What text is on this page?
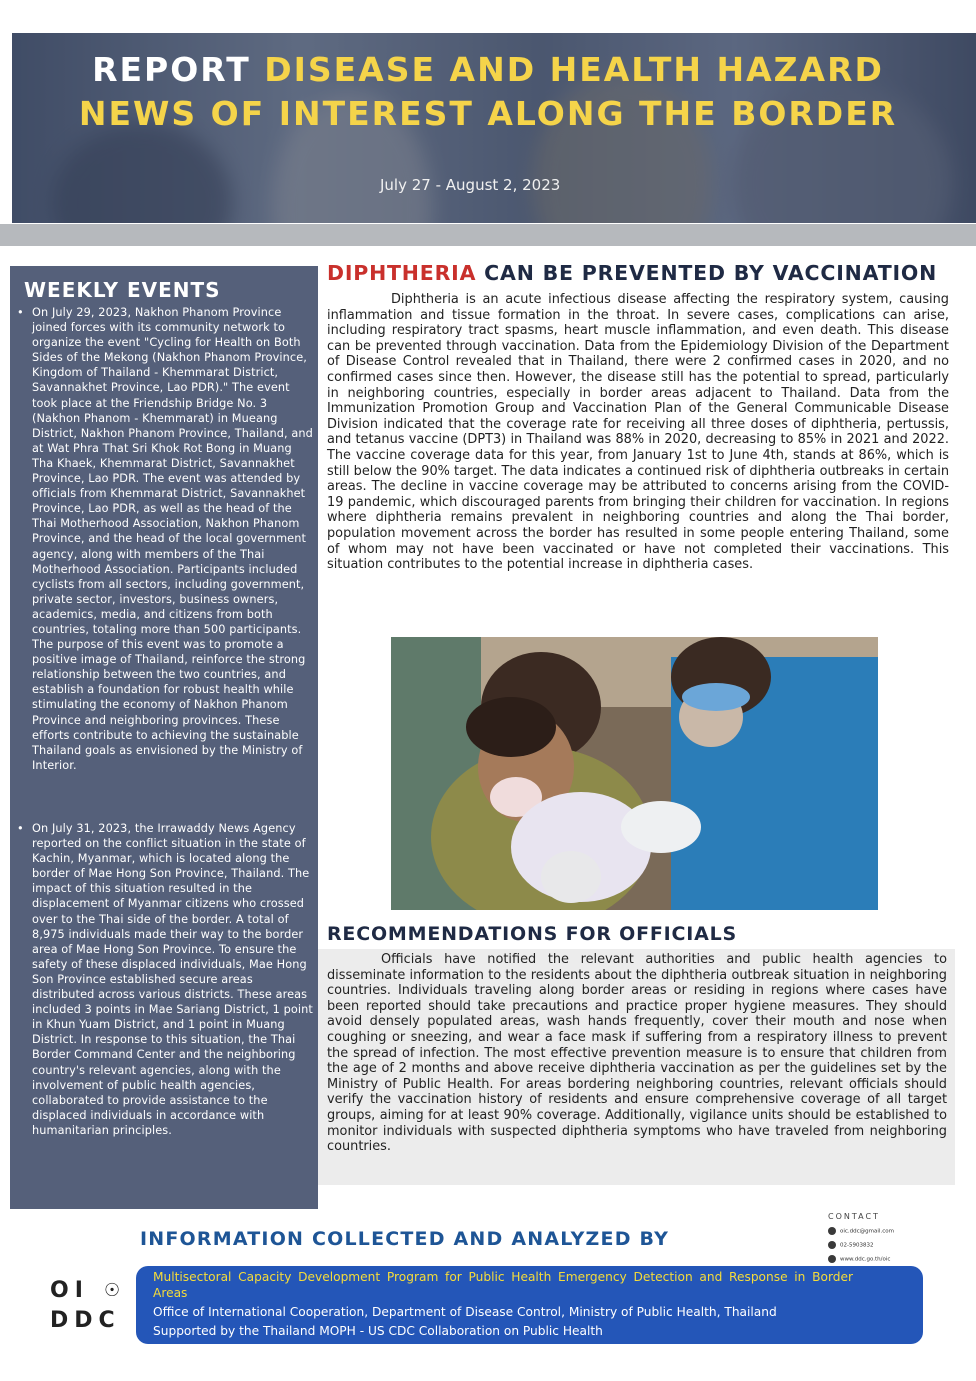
REPORT DISEASE AND HEALTH HAZARD
NEWS OF INTEREST ALONG THE BORDER
July 27 - August 2, 2023
WEEKLY EVENTS
• On July 29, 2023, Nakhon Phanom Province joined forces with its community network to organize the event "Cycling for Health on Both Sides of the Mekong (Nakhon Phanom Province, Kingdom of Thailand - Khemmarat District, Savannakhet Province, Lao PDR)." The event took place at the Friendship Bridge No. 3 (Nakhon Phanom - Khemmarat) in Mueang District, Nakhon Phanom Province, Thailand, and at Wat Phra That Sri Khok Rot Bong in Muang Tha Khaek, Khemmarat District, Savannakhet Province, Lao PDR. The event was attended by officials from Khemmarat District, Savannakhet Province, Lao PDR, as well as the head of the Thai Motherhood Association, Nakhon Phanom Province, and the head of the local government agency, along with members of the Thai Motherhood Association. Participants included cyclists from all sectors, including government, private sector, investors, business owners, academics, media, and citizens from both countries, totaling more than 500 participants. The purpose of this event was to promote a positive image of Thailand, reinforce the strong relationship between the two countries, and establish a foundation for robust health while stimulating the economy of Nakhon Phanom Province and neighboring provinces. These efforts contribute to achieving the sustainable Thailand goals as envisioned by the Ministry of Interior.
• On July 31, 2023, the Irrawaddy News Agency reported on the conflict situation in the state of Kachin, Myanmar, which is located along the border of Mae Hong Son Province, Thailand. The impact of this situation resulted in the displacement of Myanmar citizens who crossed over to the Thai side of the border. A total of 8,975 individuals made their way to the border area of Mae Hong Son Province. To ensure the safety of these displaced individuals, Mae Hong Son Province established secure areas distributed across various districts. These areas included 3 points in Mae Sariang District, 1 point in Khun Yuam District, and 1 point in Muang District. In response to this situation, the Thai Border Command Center and the neighboring country's relevant agencies, along with the involvement of public health agencies, collaborated to provide assistance to the displaced individuals in accordance with humanitarian principles.
DIPHTHERIA CAN BE PREVENTED BY VACCINATION
Diphtheria is an acute infectious disease affecting the respiratory system, causing inflammation and tissue formation in the throat. In severe cases, complications can arise, including respiratory tract spasms, heart muscle inflammation, and even death. This disease can be prevented through vaccination. Data from the Epidemiology Division of the Department of Disease Control revealed that in Thailand, there were 2 confirmed cases in 2020, and no confirmed cases since then. However, the disease still has the potential to spread, particularly in neighboring countries, especially in border areas adjacent to Thailand. Data from the Immunization Promotion Group and Vaccination Plan of the General Communicable Disease Division indicated that the coverage rate for receiving all three doses of diphtheria, pertussis, and tetanus vaccine (DPT3) in Thailand was 88% in 2020, decreasing to 85% in 2021 and 2022. The vaccine coverage data for this year, from January 1st to June 4th, stands at 86%, which is still below the 90% target. The data indicates a continued risk of diphtheria outbreaks in certain areas. The decline in vaccine coverage may be attributed to concerns arising from the COVID-19 pandemic, which discouraged parents from bringing their children for vaccination. In regions where diphtheria remains prevalent in neighboring countries and along the Thai border, population movement across the border has resulted in some people entering Thailand, some of whom may not have been vaccinated or have not completed their vaccinations. This situation contributes to the potential increase in diphtheria cases.
RECOMMENDATIONS FOR OFFICIALS
Officials have notified the relevant authorities and public health agencies to disseminate information to the residents about the diphtheria outbreak situation in neighboring countries. Individuals traveling along border areas or residing in regions where cases have been reported should take precautions and practice proper hygiene measures. They should avoid densely populated areas, wash hands frequently, cover their mouth and nose when coughing or sneezing, and wear a face mask if suffering from a respiratory illness to prevent the spread of infection. The most effective prevention measure is to ensure that children from the age of 2 months and above receive diphtheria vaccination as per the guidelines set by the Ministry of Public Health. For areas bordering neighboring countries, relevant officials should verify the vaccination history of residents and ensure comprehensive coverage of all target groups, aiming for at least 90% coverage. Additionally, vigilance units should be established to monitor individuals with suspected diphtheria symptoms who have traveled from neighboring countries.
INFORMATION COLLECTED AND ANALYZED BY
CONTACT
oic.ddc@gmail.com
02-5903832
www.ddc.go.th/oic
OI ☉
DDC
Multisectoral Capacity Development Program for Public Health Emergency Detection and Response in Border Areas
Office of International Cooperation, Department of Disease Control, Ministry of Public Health, Thailand
Supported by the Thailand MOPH - US CDC Collaboration on Public Health
